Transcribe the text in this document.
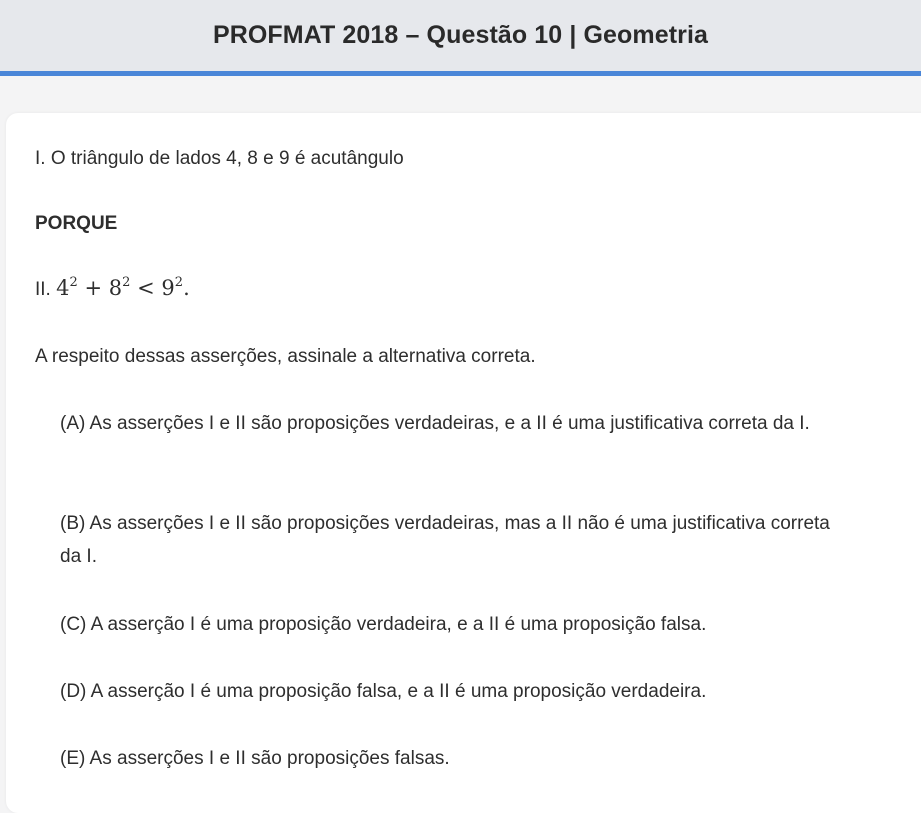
PROFMAT 2018 – Questão 10 | Geometria

I. O triângulo de lados 4, 8 e 9 é acutângulo

PORQUE

II. $4^2 + 8^2 < 9^2$.

A respeito dessas asserções, assinale a alternativa correta.

(A) As asserções I e II são proposições verdadeiras, e a II é uma justificativa correta da I.

(B) As asserções I e II são proposições verdadeiras, mas a II não é uma justificativa correta da I.

(C) A asserção I é uma proposição verdadeira, e a II é uma proposição falsa.

(D) A asserção I é uma proposição falsa, e a II é uma proposição verdadeira.

(E) As asserções I e II são proposições falsas.
